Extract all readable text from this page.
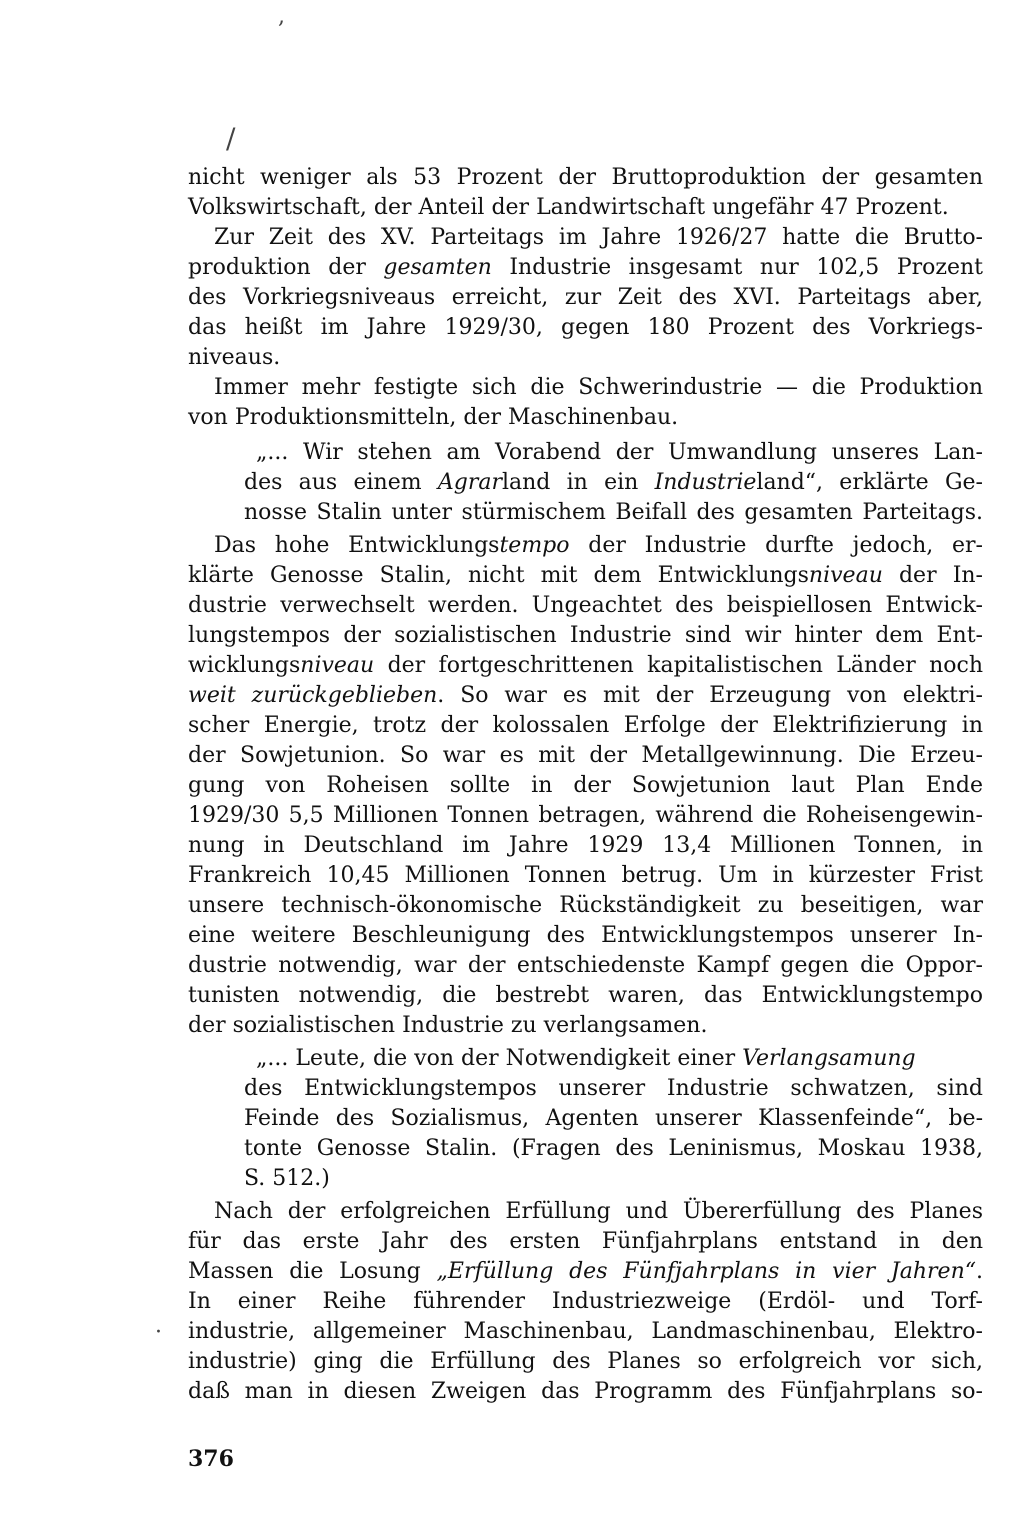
,
/
nicht weniger als 53 Prozent der Bruttoproduktion der gesamten
Volkswirtschaft, der Anteil der Landwirtschaft ungefähr 47 Prozent.
Zur Zeit des XV. Parteitags im Jahre 1926/27 hatte die Brutto-
produktion der gesamten Industrie insgesamt nur 102,5 Prozent
des Vorkriegsniveaus erreicht, zur Zeit des XVI. Parteitags aber,
das heißt im Jahre 1929/30, gegen 180 Prozent des Vorkriegs-
niveaus.
Immer mehr festigte sich die Schwerindustrie — die Produktion
von Produktionsmitteln, der Maschinenbau.
„... Wir stehen am Vorabend der Umwandlung unseres Lan-
des aus einem Agrarland in ein Industrieland“, erklärte Ge-
nosse Stalin unter stürmischem Beifall des gesamten Parteitags.
Das hohe Entwicklungstempo der Industrie durfte jedoch, er-
klärte Genosse Stalin, nicht mit dem Entwicklungsniveau der In-
dustrie verwechselt werden. Ungeachtet des beispiellosen Entwick-
lungstempos der sozialistischen Industrie sind wir hinter dem Ent-
wicklungsniveau der fortgeschrittenen kapitalistischen Länder noch
weit zurückgeblieben. So war es mit der Erzeugung von elektri-
scher Energie, trotz der kolossalen Erfolge der Elektrifizierung in
der Sowjetunion. So war es mit der Metallgewinnung. Die Erzeu-
gung von Roheisen sollte in der Sowjetunion laut Plan Ende
1929/30 5,5 Millionen Tonnen betragen, während die Roheisengewin-
nung in Deutschland im Jahre 1929 13,4 Millionen Tonnen, in
Frankreich 10,45 Millionen Tonnen betrug. Um in kürzester Frist
unsere technisch-ökonomische Rückständigkeit zu beseitigen, war
eine weitere Beschleunigung des Entwicklungstempos unserer In-
dustrie notwendig, war der entschiedenste Kampf gegen die Oppor-
tunisten notwendig, die bestrebt waren, das Entwicklungstempo
der sozialistischen Industrie zu verlangsamen.
„... Leute, die von der Notwendigkeit einer Verlangsamung
des Entwicklungstempos unserer Industrie schwatzen, sind
Feinde des Sozialismus, Agenten unserer Klassenfeinde“, be-
tonte Genosse Stalin. (Fragen des Leninismus, Moskau 1938,
S. 512.)
Nach der erfolgreichen Erfüllung und Übererfüllung des Planes
für das erste Jahr des ersten Fünfjahrplans entstand in den
Massen die Losung „Erfüllung des Fünfjahrplans in vier Jahren“.
In einer Reihe führender Industriezweige (Erdöl- und Torf-
industrie, allgemeiner Maschinenbau, Landmaschinenbau, Elektro-
industrie) ging die Erfüllung des Planes so erfolgreich vor sich,
daß man in diesen Zweigen das Programm des Fünfjahrplans so-
·
376
